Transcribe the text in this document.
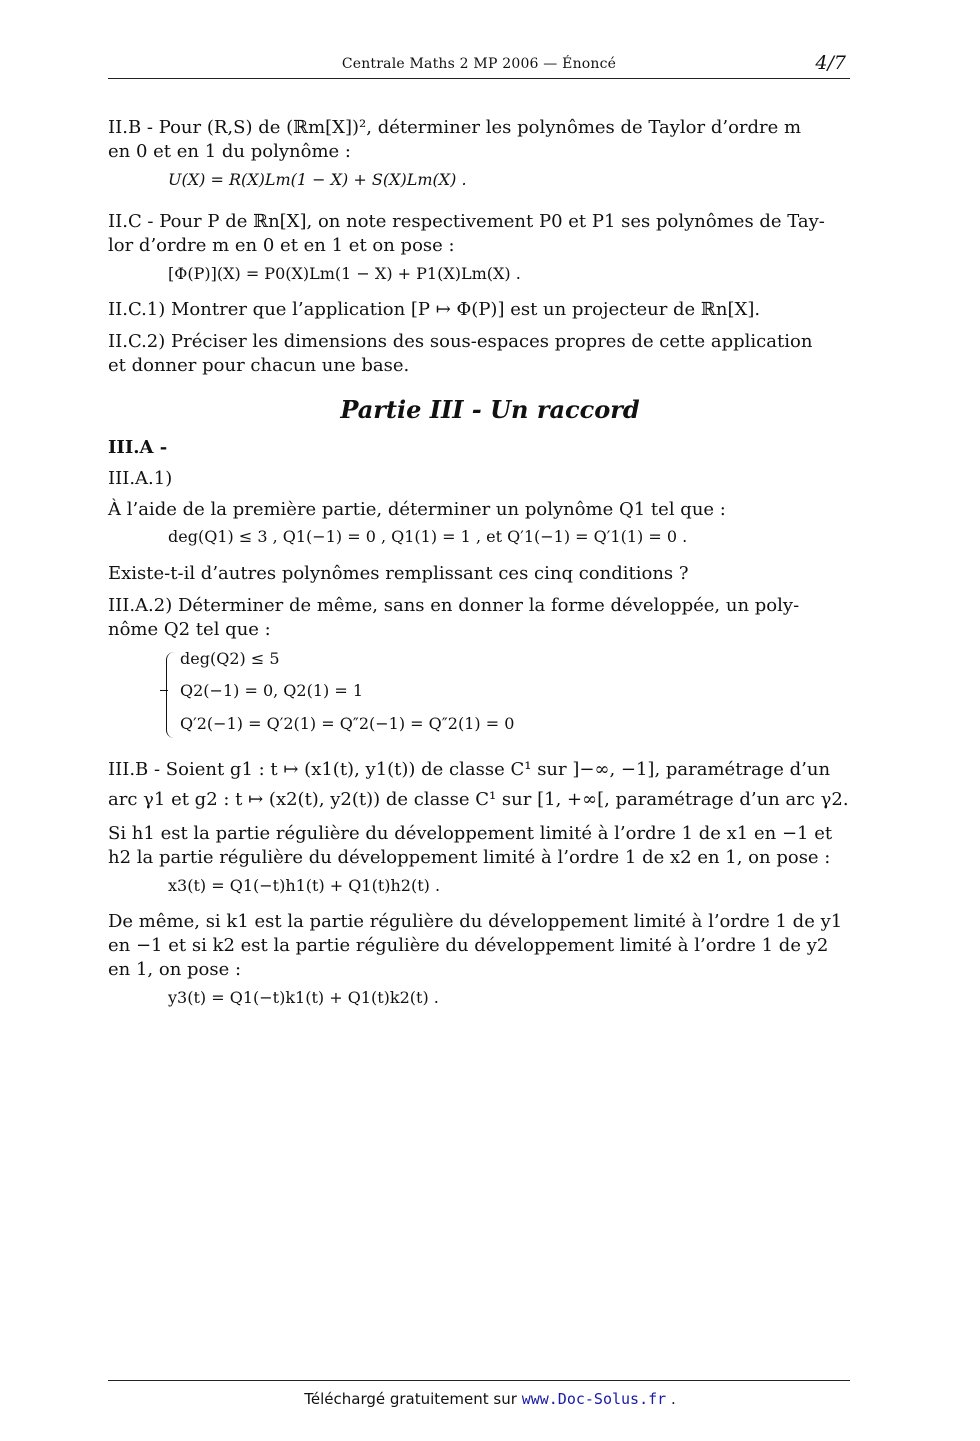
Centrale Maths 2 MP 2006 — Énoncé	4/7

II.B - Pour (R,S) de (ℝm[X])², déterminer les polynômes de Taylor d’ordre m

en 0 et en 1 du polynôme :

U(X) = R(X)Lm(1 − X) + S(X)Lm(X) .

II.C - Pour P de ℝn[X], on note respectivement P0 et P1 ses polynômes de Tay-

lor d’ordre m en 0 et en 1 et on pose :

[Φ(P)](X) = P0(X)Lm(1 − X) + P1(X)Lm(X) .

II.C.1) Montrer que l’application [P ↦ Φ(P)] est un projecteur de ℝn[X].

II.C.2) Préciser les dimensions des sous-espaces propres de cette application

et donner pour chacun une base.

Partie III - Un raccord

III.A -

III.A.1)

À l’aide de la première partie, déterminer un polynôme Q1 tel que :

deg(Q1) ≤ 3 , Q1(−1) = 0 , Q1(1) = 1 , et Q′1(−1) = Q′1(1) = 0 .

Existe-t-il d’autres polynômes remplissant ces cinq conditions ?

III.A.2) Déterminer de même, sans en donner la forme développée, un poly-

nôme Q2 tel que :

deg(Q2) ≤ 5

Q2(−1) = 0, Q2(1) = 1

Q′2(−1) = Q′2(1) = Q″2(−1) = Q″2(1) = 0

III.B - Soient g1 : t ↦ (x1(t), y1(t)) de classe C¹ sur ]−∞, −1], paramétrage d’un

arc γ1 et g2 : t ↦ (x2(t), y2(t)) de classe C¹ sur [1, +∞[, paramétrage d’un arc γ2.

Si h1 est la partie régulière du développement limité à l’ordre 1 de x1 en −1 et

h2 la partie régulière du développement limité à l’ordre 1 de x2 en 1, on pose :

x3(t) = Q1(−t)h1(t) + Q1(t)h2(t) .

De même, si k1 est la partie régulière du développement limité à l’ordre 1 de y1

en −1 et si k2 est la partie régulière du développement limité à l’ordre 1 de y2

en 1, on pose :

y3(t) = Q1(−t)k1(t) + Q1(t)k2(t) .

Téléchargé gratuitement sur www.Doc-Solus.fr .
